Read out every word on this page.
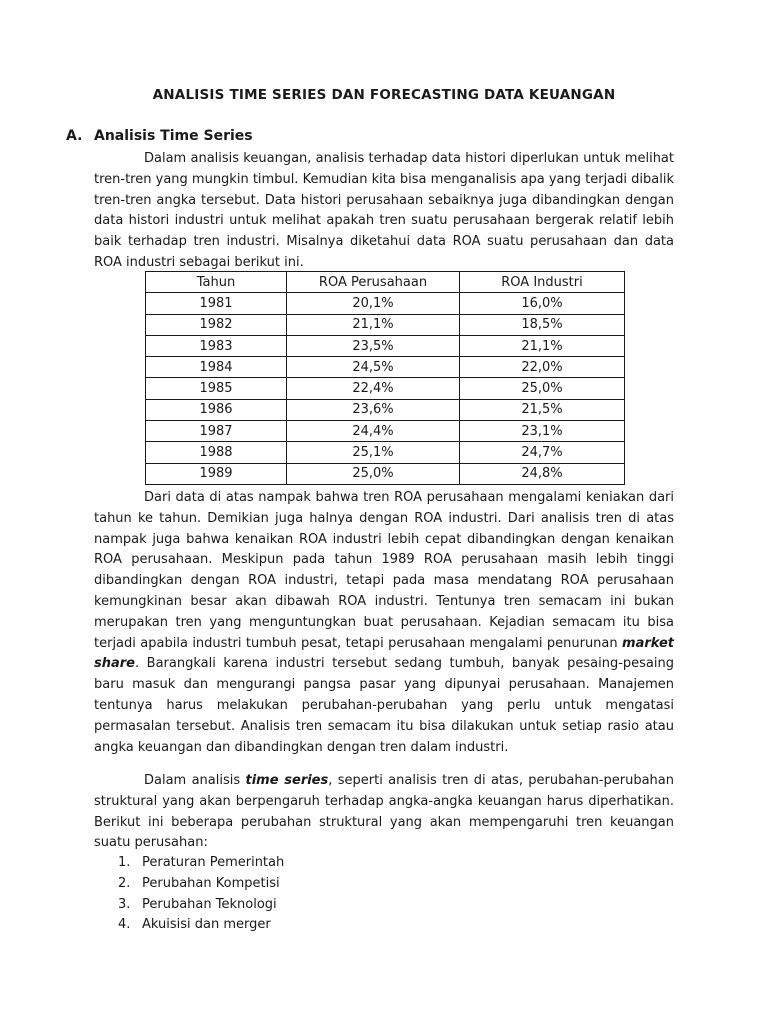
ANALISIS TIME SERIES DAN FORECASTING DATA KEUANGAN
A. Analisis Time Series

Dalam analisis keuangan, analisis terhadap data histori diperlukan untuk melihat tren-tren yang mungkin timbul. Kemudian kita bisa menganalisis apa yang terjadi dibalik tren-tren angka tersebut. Data histori perusahaan sebaiknya juga dibandingkan dengan data histori industri untuk melihat apakah tren suatu perusahaan bergerak relatif lebih baik terhadap tren industri. Misalnya diketahui data ROA suatu perusahaan dan data ROA industri sebagai berikut ini.

Tahun	ROA Perusahaan	ROA Industri
1981	20,1%	16,0%
1982	21,1%	18,5%
1983	23,5%	21,1%
1984	24,5%	22,0%
1985	22,4%	25,0%
1986	23,6%	21,5%
1987	24,4%	23,1%
1988	25,1%	24,7%
1989	25,0%	24,8%

Dari data di atas nampak bahwa tren ROA perusahaan mengalami keniakan dari tahun ke tahun. Demikian juga halnya dengan ROA industri. Dari analisis tren di atas nampak juga bahwa kenaikan ROA industri lebih cepat dibandingkan dengan kenaikan ROA perusahaan. Meskipun pada tahun 1989 ROA perusahaan masih lebih tinggi dibandingkan dengan ROA industri, tetapi pada masa mendatang ROA perusahaan kemungkinan besar akan dibawah ROA industri. Tentunya tren semacam ini bukan merupakan tren yang menguntungkan buat perusahaan. Kejadian semacam itu bisa terjadi apabila industri tumbuh pesat, tetapi perusahaan mengalami penurunan market share. Barangkali karena industri tersebut sedang tumbuh, banyak pesaing-pesaing baru masuk dan mengurangi pangsa pasar yang dipunyai perusahaan. Manajemen tentunya harus melakukan perubahan-perubahan yang perlu untuk mengatasi permasalan tersebut. Analisis tren semacam itu bisa dilakukan untuk setiap rasio atau angka keuangan dan dibandingkan dengan tren dalam industri.

Dalam analisis time series, seperti analisis tren di atas, perubahan-perubahan struktural yang akan berpengaruh terhadap angka-angka keuangan harus diperhatikan. Berikut ini beberapa perubahan struktural yang akan mempengaruhi tren keuangan suatu perusahan:

1. Peraturan Pemerintah
2. Perubahan Kompetisi
3. Perubahan Teknologi
4. Akuisisi dan merger
